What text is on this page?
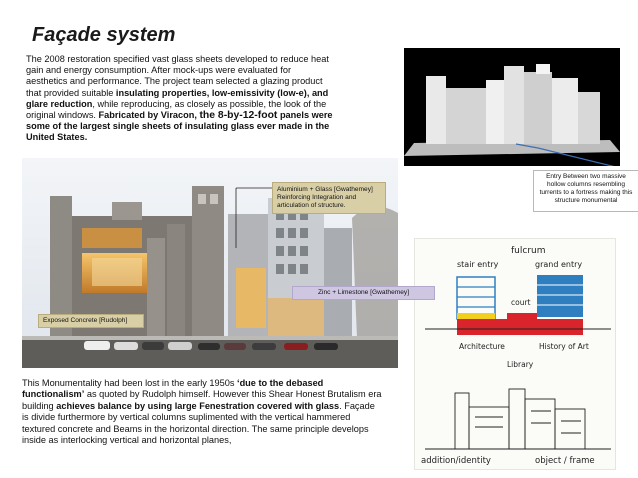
Façade system

The 2008 restoration specified vast glass sheets developed to reduce heat gain and energy consumption. After mock-ups were evaluated for aesthetics and performance. The project team selected a glazing product that provided suitable insulating properties, low-emissivity (low-e), and glare reduction, while reproducing, as closely as possible, the look of the original windows. Fabricated by Viracon, the 8-by-12-foot panels were some of the largest single sheets of insulating glass ever made in the United States.

fulcrum
stair entry	grand entry
court
Architecture	History of Art
Library
addition/identity	object / frame
Aluminium + Glass [Gwathemey] Reinforcing Integration and articulation of structure.
Zinc + Limestone [Gwathemey]
Exposed Concrete [Rudolph]
Entry Between two massive hollow columns resembling turrents to a fortress making this structure monumental

This Monumentality had been lost in the early 1950s ‘due to the debased functionalism’ as quoted by Rudolph himself. However this Shear Honest Brutalism era building achieves balance by using large Fenestration covered with glass. Façade is divide furthermore by vertical columns suplimented with the vertical hammered textured concrete and Beams in the horizontal direction. The same principle develops inside as interlocking vertical and horizontal planes,
